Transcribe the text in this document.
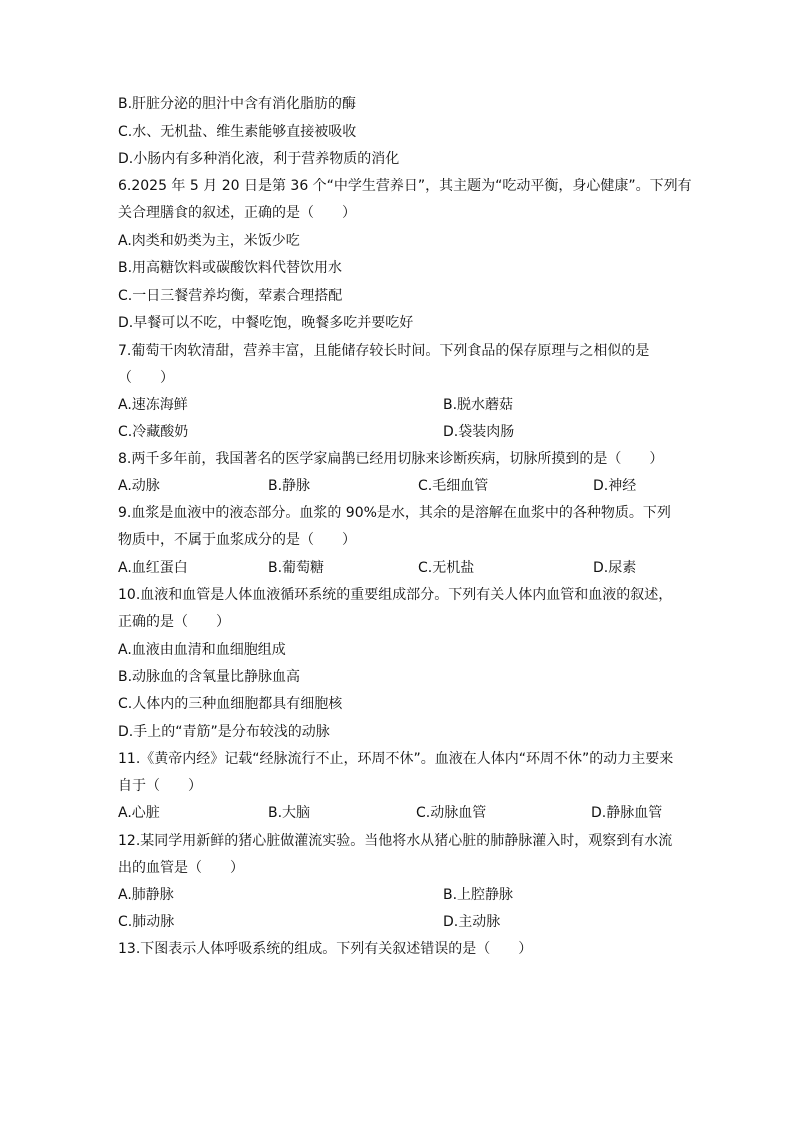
B.肝脏分泌的胆汁中含有消化脂肪的酶
C.水、无机盐、维生素能够直接被吸收
D.小肠内有多种消化液，利于营养物质的消化
6.2025 年 5 月 20 日是第 36 个“中学生营养日”，其主题为“吃动平衡，身心健康”。下列有
关合理膳食的叙述，正确的是（　　）
A.肉类和奶类为主，米饭少吃
B.用高糖饮料或碳酸饮料代替饮用水
C.一日三餐营养均衡，荤素合理搭配
D.早餐可以不吃，中餐吃饱，晚餐多吃并要吃好
7.葡萄干肉软清甜，营养丰富，且能储存较长时间。下列食品的保存原理与之相似的是
（　　）
A.速冻海鲜	B.脱水蘑菇
C.冷藏酸奶	D.袋装肉肠
8.两千多年前，我国著名的医学家扁鹊已经用切脉来诊断疾病，切脉所摸到的是（　　）
A.动脉	B.静脉	C.毛细血管	D.神经
9.血浆是血液中的液态部分。血浆的 90%是水，其余的是溶解在血浆中的各种物质。下列
物质中，不属于血浆成分的是（　　）
A.血红蛋白	B.葡萄糖	C.无机盐	D.尿素
10.血液和血管是人体血液循环系统的重要组成部分。下列有关人体内血管和血液的叙述，
正确的是（　　）
A.血液由血清和血细胞组成
B.动脉血的含氧量比静脉血高
C.人体内的三种血细胞都具有细胞核
D.手上的“青筋”是分布较浅的动脉
11.《黄帝内经》记载“经脉流行不止，环周不休”。血液在人体内“环周不休”的动力主要来
自于（　　）
A.心脏	B.大脑	C.动脉血管	D.静脉血管
12.某同学用新鲜的猪心脏做灌流实验。当他将水从猪心脏的肺静脉灌入时，观察到有水流
出的血管是（　　）
A.肺静脉	B.上腔静脉
C.肺动脉	D.主动脉
13.下图表示人体呼吸系统的组成。下列有关叙述错误的是（　　）
